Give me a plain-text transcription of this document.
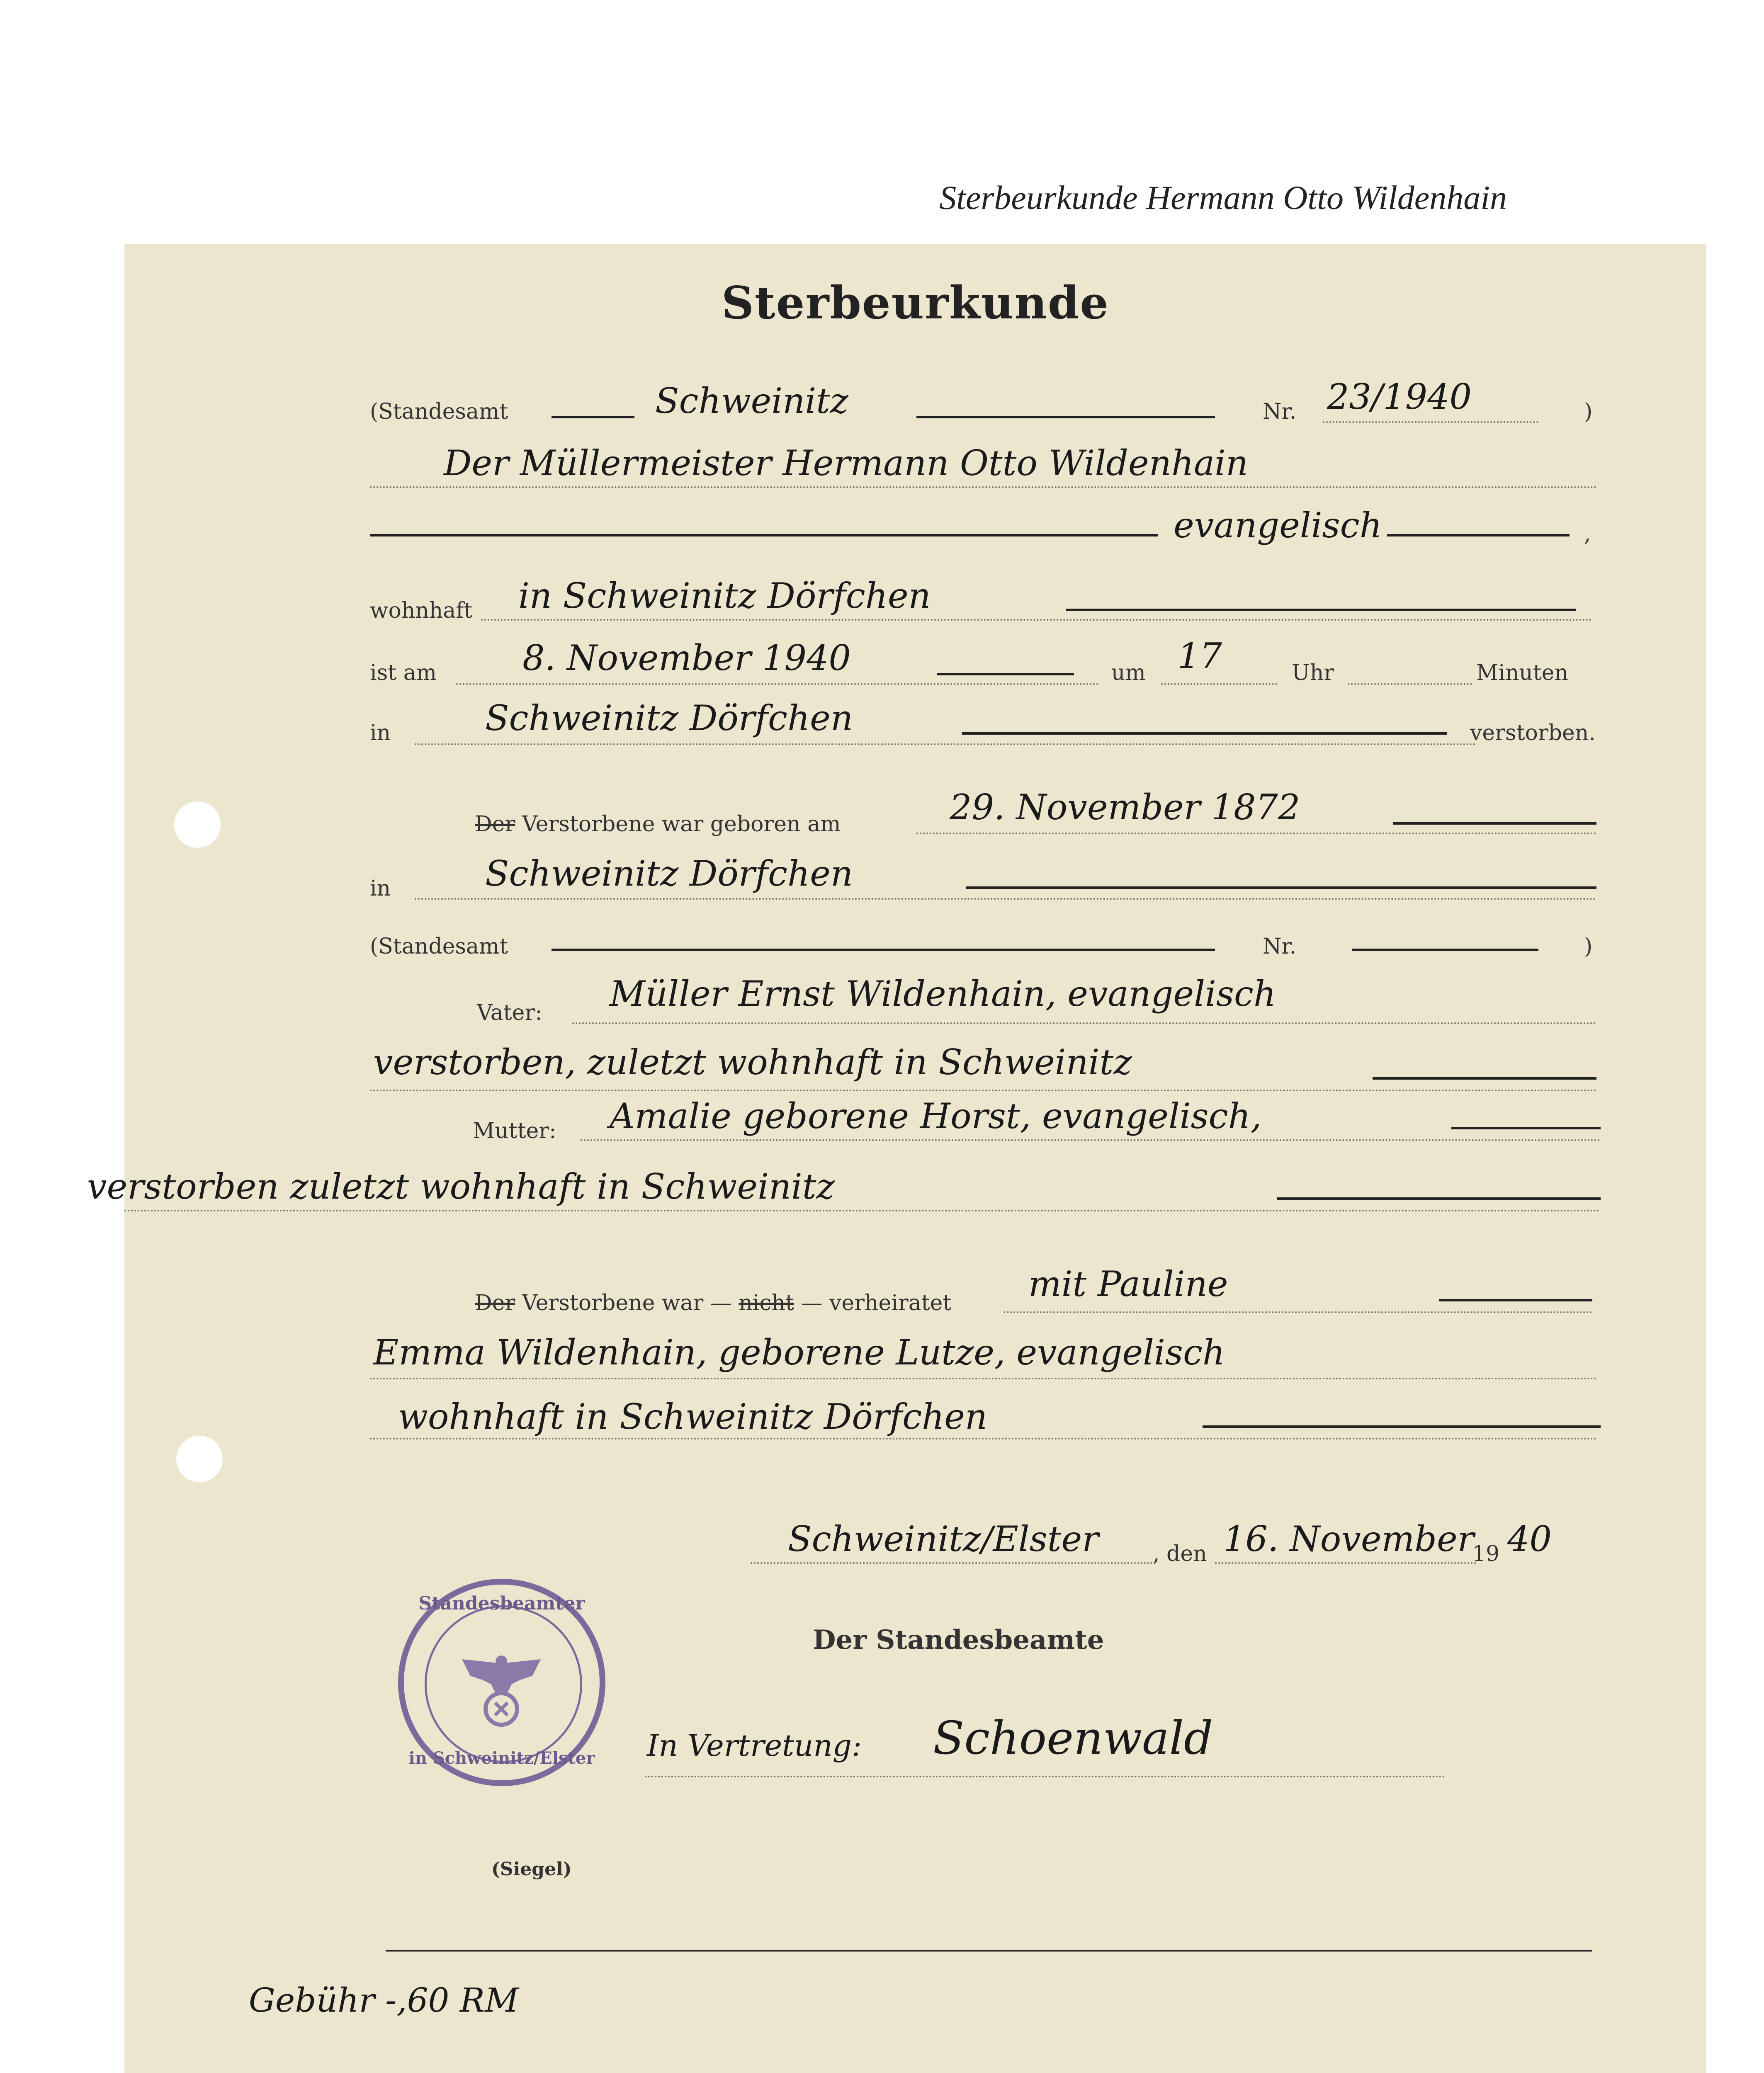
Sterbeurkunde Hermann Otto Wildenhain
Sterbeurkunde
(Standesamt	Schweinitz	Nr. 23/1940	)
Der Müllermeister Hermann Otto Wildenhain
evangelisch	,
wohnhaft in Schweinitz Dörfchen
ist am 8. November 1940	um 17	Uhr	Minuten
in	Schweinitz Dörfchen	verstorben.
Der Verstorbene war geboren am	29. November 1872
in	Schweinitz Dörfchen
(Standesamt	Nr.	)
Vater: Müller Ernst Wildenhain, evangelisch
verstorben, zuletzt wohnhaft in Schweinitz
Mutter: Amalie geborene Horst, evangelisch,
verstorben zuletzt wohnhaft in Schweinitz
Der Verstorbene war — nicht — verheiratet mit Pauline
Emma Wildenhain, geborene Lutze, evangelisch
wohnhaft in Schweinitz Dörfchen
Schweinitz/Elster	, den 16. November
19 40
Der Standesbeamte
Standesbeamter
in Schweinitz/Elster In Vertretung: Schoenwald
(Siegel)
Gebühr -,60 RM
